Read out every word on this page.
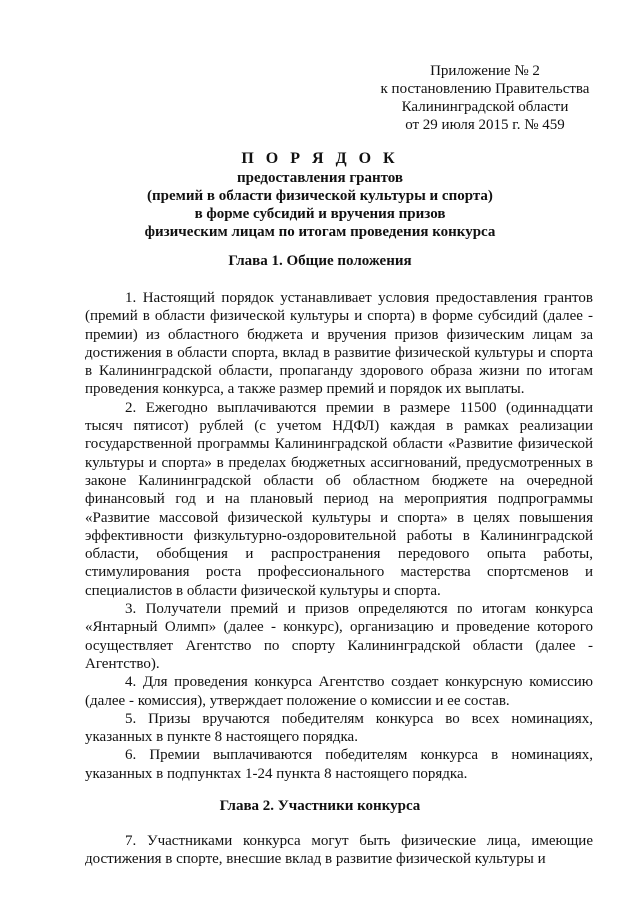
Приложение № 2
к постановлению Правительства
Калининградской области
от 29 июля 2015 г. № 459
П О Р Я Д О К
предоставления грантов
(премий в области физической культуры и спорта)
в форме субсидий и вручения призов
физическим лицам по итогам проведения конкурса
Глава 1. Общие положения

1. Настоящий порядок устанавливает условия предоставления грантов (премий в области физической культуры и спорта) в форме субсидий (далее - премии) из областного бюджета и вручения призов физическим лицам за достижения в области спорта, вклад в развитие физической культуры и спорта в Калининградской области, пропаганду здорового образа жизни по итогам проведения конкурса, а также размер премий и порядок их выплаты.

2. Ежегодно выплачиваются премии в размере 11500 (одиннадцати тысяч пятисот) рублей (с учетом НДФЛ) каждая в рамках реализации государственной программы Калининградской области «Развитие физической культуры и спорта» в пределах бюджетных ассигнований, предусмотренных в законе Калининградской области об областном бюджете на очередной финансовый год и на плановый период на мероприятия подпрограммы «Развитие массовой физической культуры и спорта» в целях повышения эффективности физкультурно-оздоровительной работы в Калининградской области, обобщения и распространения передового опыта работы, стимулирования роста профессионального мастерства спортсменов и специалистов в области физической культуры и спорта.

3. Получатели премий и призов определяются по итогам конкурса «Янтарный Олимп» (далее - конкурс), организацию и проведение которого осуществляет Агентство по спорту Калининградской области (далее - Агентство).

4. Для проведения конкурса Агентство создает конкурсную комиссию (далее - комиссия), утверждает положение о комиссии и ее состав.

5. Призы вручаются победителям конкурса во всех номинациях, указанных в пункте 8 настоящего порядка.

6. Премии выплачиваются победителям конкурса в номинациях, указанных в подпунктах 1-24 пункта 8 настоящего порядка.

Глава 2. Участники конкурса

7. Участниками конкурса могут быть физические лица, имеющие достижения в спорте, внесшие вклад в развитие физической культуры и
